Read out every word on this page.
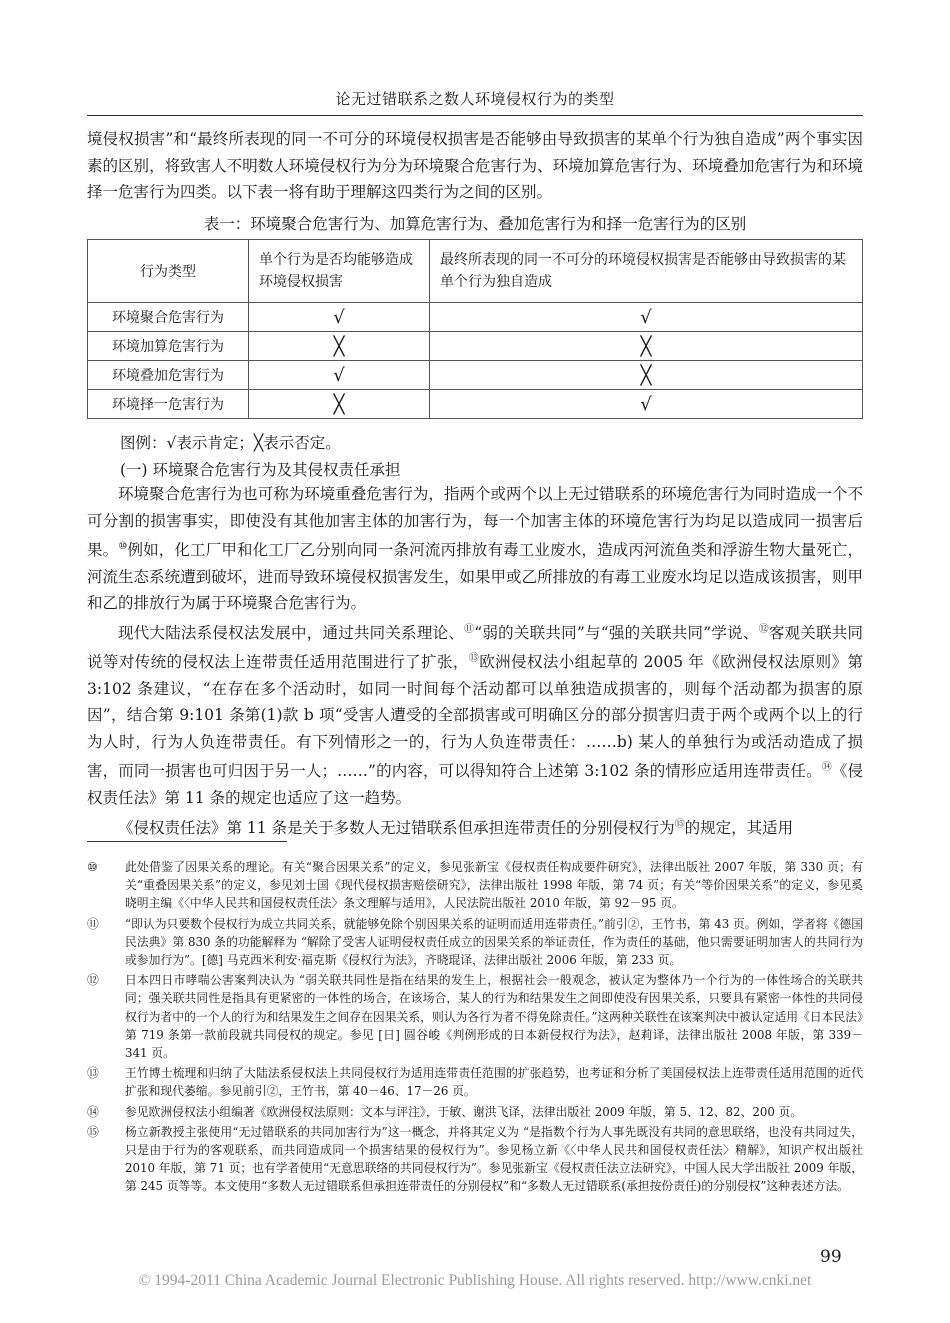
论无过错联系之数人环境侵权行为的类型

境侵权损害”和“最终所表现的同一不可分的环境侵权损害是否能够由导致损害的某单个行为独自造成”两个事实因素的区别，将致害人不明数人环境侵权行为分为环境聚合危害行为、环境加算危害行为、环境叠加危害行为和环境择一危害行为四类。以下表一将有助于理解这四类行为之间的区别。

表一：环境聚合危害行为、加算危害行为、叠加危害行为和择一危害行为的区别
行为类型	单个行为是否均能够造成环境侵权损害	最终所表现的同一不可分的环境侵权损害是否能够由导致损害的某单个行为独自造成
环境聚合危害行为	√	√
环境加算危害行为	╳	╳
环境叠加危害行为	√	╳
环境择一危害行为	╳	√
图例：√表示肯定；╳表示否定。
(一) 环境聚合危害行为及其侵权责任承担

环境聚合危害行为也可称为环境重叠危害行为，指两个或两个以上无过错联系的环境危害行为同时造成一个不可分割的损害事实，即使没有其他加害主体的加害行为，每一个加害主体的环境危害行为均足以造成同一损害后果。⑩例如，化工厂甲和化工厂乙分别向同一条河流丙排放有毒工业废水，造成丙河流鱼类和浮游生物大量死亡，河流生态系统遭到破坏，进而导致环境侵权损害发生，如果甲或乙所排放的有毒工业废水均足以造成该损害，则甲和乙的排放行为属于环境聚合危害行为。

现代大陆法系侵权法发展中，通过共同关系理论、⑪“弱的关联共同”与“强的关联共同”学说、⑫客观关联共同说等对传统的侵权法上连带责任适用范围进行了扩张，⑬欧洲侵权法小组起草的 2005 年《欧洲侵权法原则》第 3:102 条建议，“在存在多个活动时，如同一时间每个活动都可以单独造成损害的，则每个活动都为损害的原因”，结合第 9:101 条第(1)款 b 项“受害人遭受的全部损害或可明确区分的部分损害归责于两个或两个以上的行为人时，行为人负连带责任。有下列情形之一的，行为人负连带责任：……b) 某人的单独行为或活动造成了损害，而同一损害也可归因于另一人；……”的内容，可以得知符合上述第 3:102 条的情形应适用连带责任。⑭《侵权责任法》第 11 条的规定也适应了这一趋势。

《侵权责任法》第 11 条是关于多数人无过错联系但承担连带责任的分别侵权行为⑮的规定，其适用

⑩	此处借鉴了因果关系的理论。有关“聚合因果关系”的定义，参见张新宝《侵权责任构成要件研究》，法律出版社 2007 年版，第 330 页；有关“重叠因果关系”的定义，参见刘士国《现代侵权损害赔偿研究》，法律出版社 1998 年版，第 74 页；有关“等价因果关系”的定义，参见奚晓明主编《〈中华人民共和国侵权责任法〉条文理解与适用》，人民法院出版社 2010 年版，第 92－95 页。
⑪	“即认为只要数个侵权行为成立共同关系，就能够免除个别因果关系的证明而适用连带责任。”前引②，王竹书，第 43 页。例如，学者将《德国民法典》第 830 条的功能解释为 “解除了受害人证明侵权责任成立的因果关系的举证责任，作为责任的基础，他只需要证明加害人的共同行为或参加行为”。[德] 马克西米利安·福克斯《侵权行为法》，齐晓琨译，法律出版社 2006 年版，第 233 页。
⑫	日本四日市哮喘公害案判决认为 “弱关联共同性是指在结果的发生上，根据社会一般观念，被认定为整体乃一个行为的一体性场合的关联共同；强关联共同性是指具有更紧密的一体性的场合，在该场合，某人的行为和结果发生之间即使没有因果关系，只要具有紧密一体性的共同侵权行为者中的一个人的行为和结果发生之间存在因果关系，则认为各行为者不得免除责任。”这两种关联性在该案判决中被认定适用《日本民法》第 719 条第一款前段就共同侵权的规定。参见 [日] 圆谷峻《判例形成的日本新侵权行为法》，赵莉译，法律出版社 2008 年版，第 339－341 页。
⑬	王竹博士梳理和归纳了大陆法系侵权法上共同侵权行为适用连带责任范围的扩张趋势，也考证和分析了美国侵权法上连带责任适用范围的近代扩张和现代萎缩。参见前引②，王竹书，第 40－46、17－26 页。
⑭	参见欧洲侵权法小组编著《欧洲侵权法原则：文本与评注》，于敏、谢洪飞译，法律出版社 2009 年版，第 5、12、82、200 页。
⑮	杨立新教授主张使用“无过错联系的共同加害行为”这一概念，并将其定义为 “是指数个行为人事先既没有共同的意思联络，也没有共同过失，只是由于行为的客观联系，而共同造成同一个损害结果的侵权行为”。参见杨立新《〈中华人民共和国侵权责任法〉精解》，知识产权出版社 2010 年版，第 71 页；也有学者使用“无意思联络的共同侵权行为”。参见张新宝《侵权责任法立法研究》，中国人民大学出版社 2009 年版，第 245 页等等。本文使用“多数人无过错联系但承担连带责任的分别侵权”和“多数人无过错联系(承担按份责任)的分别侵权”这种表述方法。
99
© 1994-2011 China Academic Journal Electronic Publishing House. All rights reserved. http://www.cnki.net
